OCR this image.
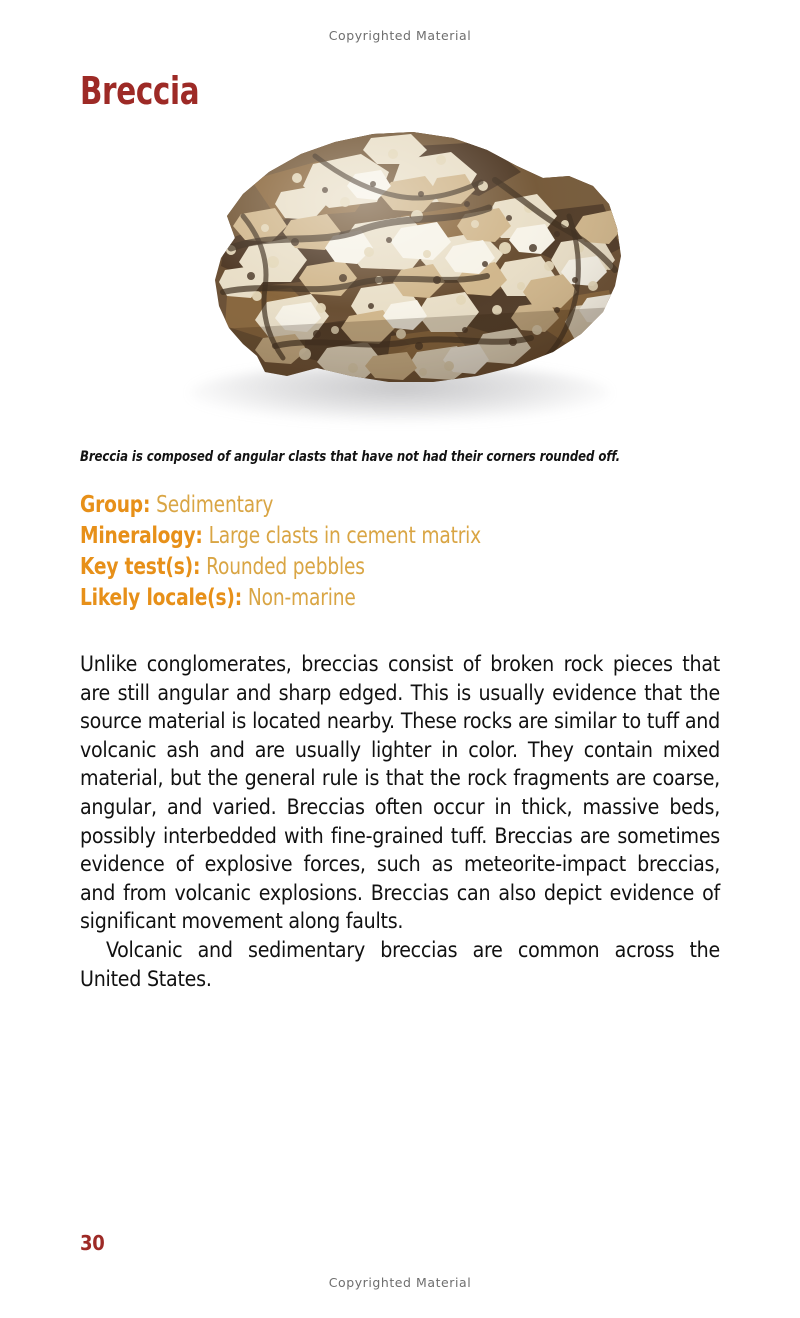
Copyrighted Material
Breccia
Breccia is composed of angular clasts that have not had their corners rounded off.
Group: Sedimentary
Mineralogy: Large clasts in cement matrix
Key test(s): Rounded pebbles
Likely locale(s): Non-marine

Unlike conglomerates, breccias consist of broken rock pieces that are still angular and sharp edged. This is usually evidence that the source material is located nearby. These rocks are similar to tuff and volcanic ash and are usually lighter in color. They contain mixed material, but the general rule is that the rock fragments are coarse, angular, and varied. Breccias often occur in thick, massive beds, possibly interbedded with fine-grained tuff. Breccias are sometimes evidence of explosive forces, such as meteorite-impact breccias, and from volcanic explosions. Breccias can also depict evidence of significant movement along faults.

Volcanic and sedimentary breccias are common across the United States.

30
Copyrighted Material
